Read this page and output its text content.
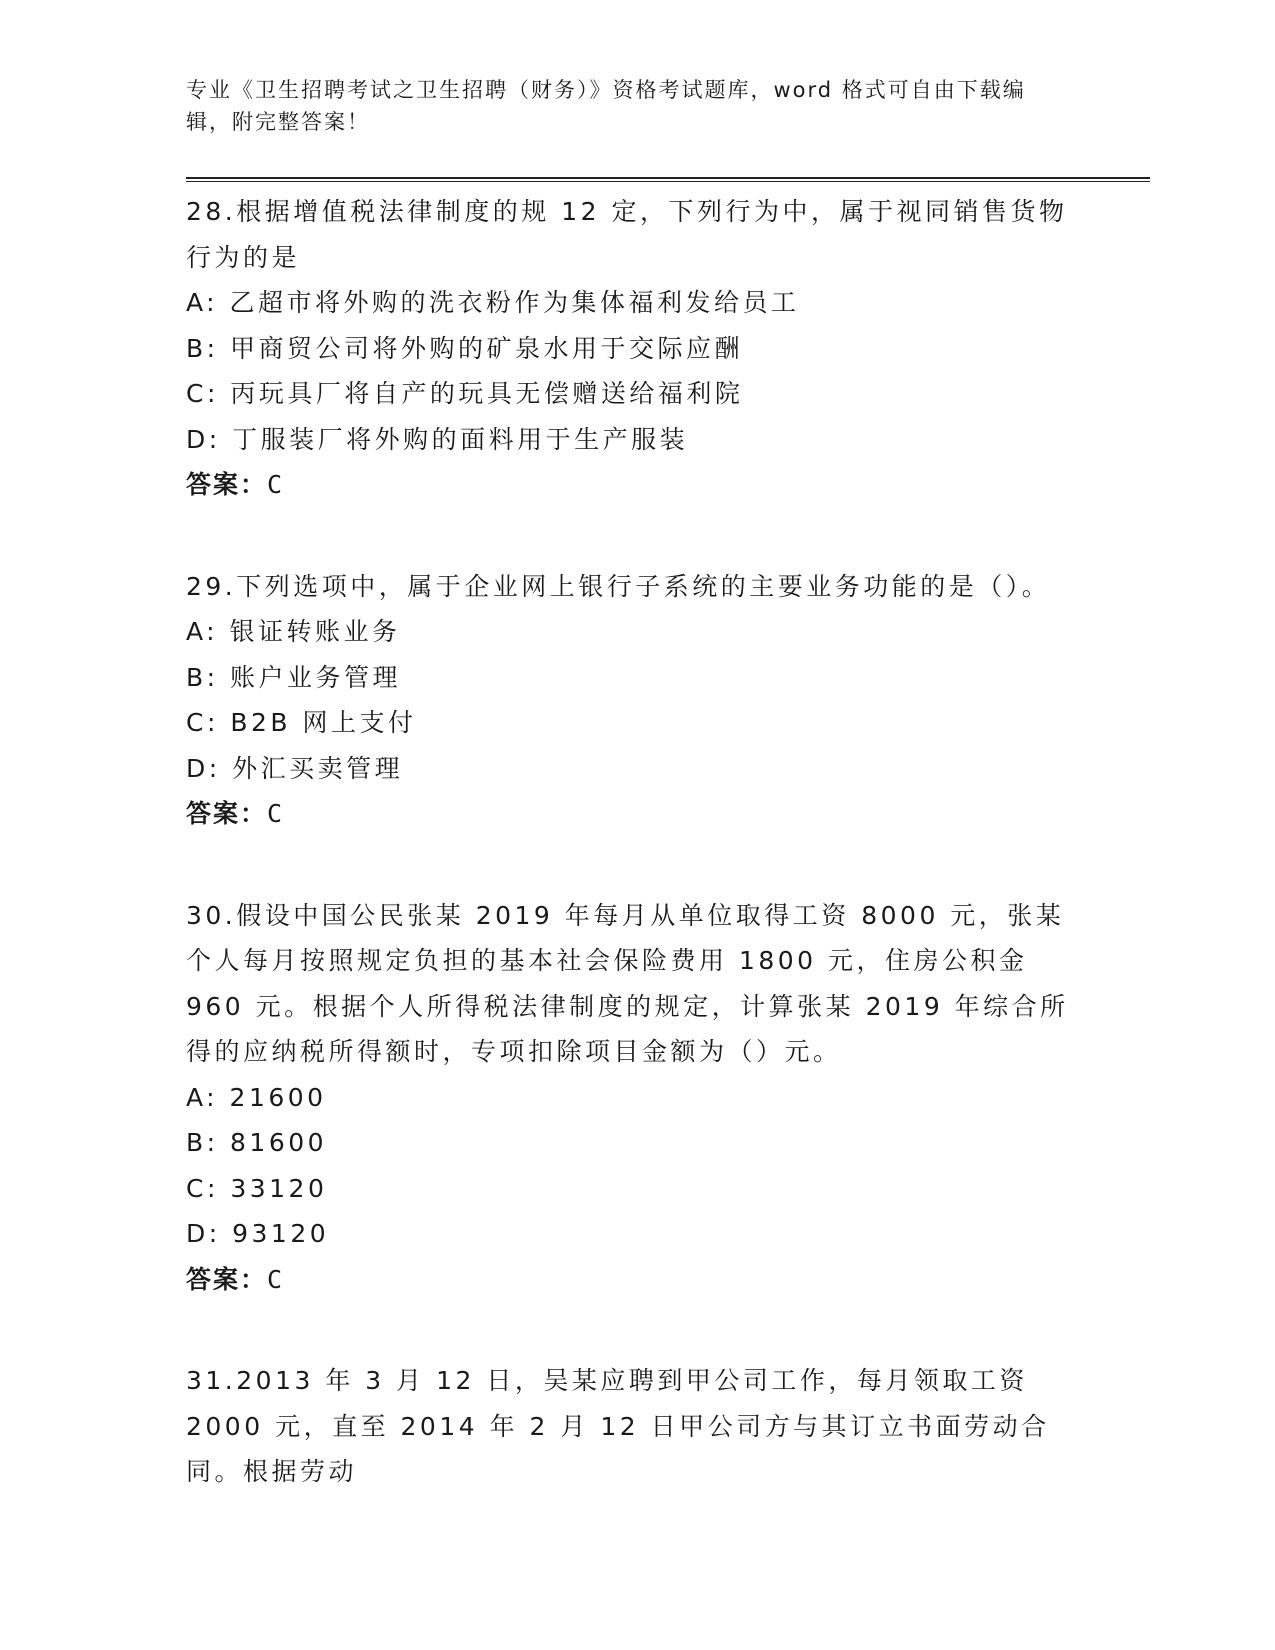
专业《卫生招聘考试之卫生招聘（财务）》资格考试题库，word 格式可自由下载编辑，附完整答案！

28.根据增值税法律制度的规 12 定，下列行为中，属于视同销售货物行为的是

A: 乙超市将外购的洗衣粉作为集体福利发给员工

B: 甲商贸公司将外购的矿泉水用于交际应酬

C: 丙玩具厂将自产的玩具无偿赠送给福利院

D: 丁服装厂将外购的面料用于生产服装

答案：C

29.下列选项中，属于企业网上银行子系统的主要业务功能的是（）。

A: 银证转账业务

B: 账户业务管理

C: B2B 网上支付

D: 外汇买卖管理

答案：C

30.假设中国公民张某 2019 年每月从单位取得工资 8000 元，张某个人每月按照规定负担的基本社会保险费用 1800 元，住房公积金 960 元。根据个人所得税法律制度的规定，计算张某 2019 年综合所得的应纳税所得额时，专项扣除项目金额为（）元。

A: 21600

B: 81600

C: 33120

D: 93120

答案：C

31.2013 年 3 月 12 日，吴某应聘到甲公司工作，每月领取工资 2000 元，直至 2014 年 2 月 12 日甲公司方与其订立书面劳动合同。根据劳动
